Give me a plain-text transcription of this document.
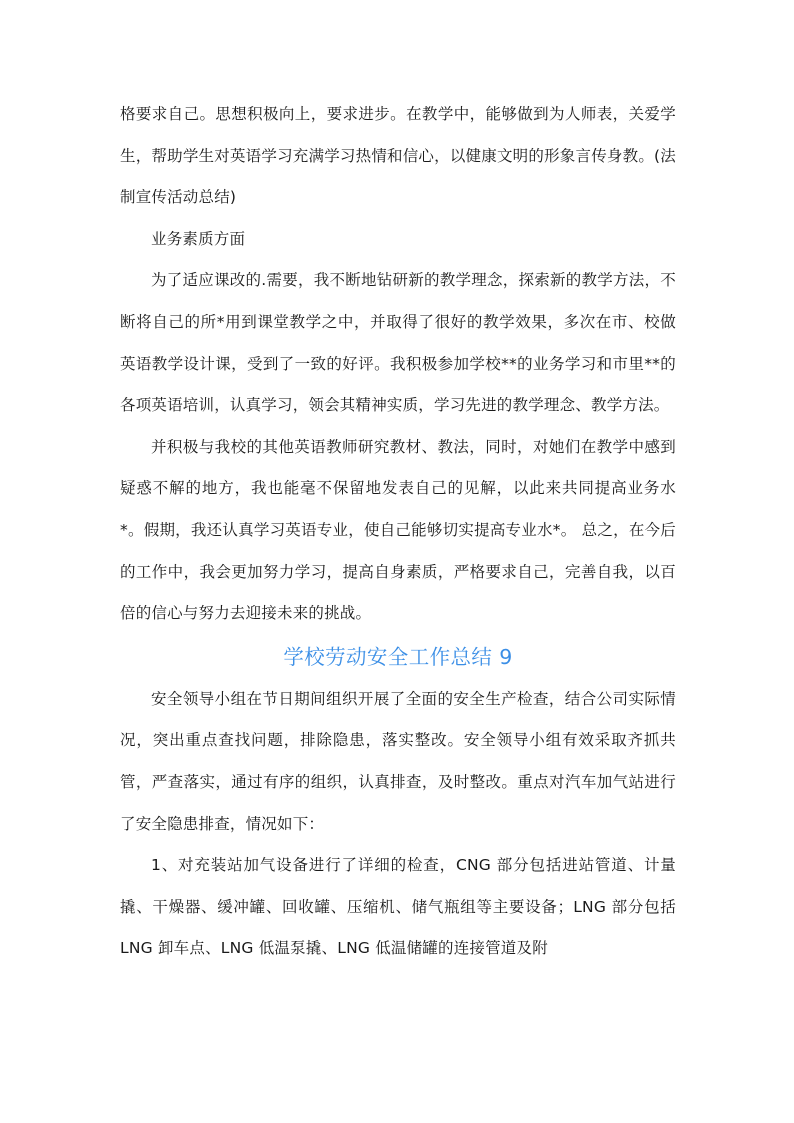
格要求自己。思想积极向上，要求进步。在教学中，能够做到为人师表，关爱学生，帮助学生对英语学习充满学习热情和信心，以健康文明的形象言传身教。(法制宣传活动总结)

业务素质方面

为了适应课改的.需要，我不断地钻研新的教学理念，探索新的教学方法，不断将自己的所*用到课堂教学之中，并取得了很好的教学效果，多次在市、校做英语教学设计课，受到了一致的好评。我积极参加学校**的业务学习和市里**的各项英语培训，认真学习，领会其精神实质，学习先进的教学理念、教学方法。

并积极与我校的其他英语教师研究教材、教法，同时，对她们在教学中感到疑惑不解的地方，我也能毫不保留地发表自己的见解，以此来共同提高业务水*。假期，我还认真学习英语专业，使自己能够切实提高专业水*。 总之，在今后的工作中，我会更加努力学习，提高自身素质，严格要求自己，完善自我，以百倍的信心与努力去迎接未来的挑战。

学校劳动安全工作总结 9

安全领导小组在节日期间组织开展了全面的安全生产检查，结合公司实际情况，突出重点查找问题，排除隐患，落实整改。安全领导小组有效采取齐抓共管，严查落实，通过有序的组织，认真排查，及时整改。重点对汽车加气站进行了安全隐患排查，情况如下：

1、对充装站加气设备进行了详细的检查，CNG 部分包括进站管道、计量撬、干燥器、缓冲罐、回收罐、压缩机、储气瓶组等主要设备；LNG 部分包括 LNG 卸车点、LNG 低温泵撬、LNG 低温储罐的连接管道及附
